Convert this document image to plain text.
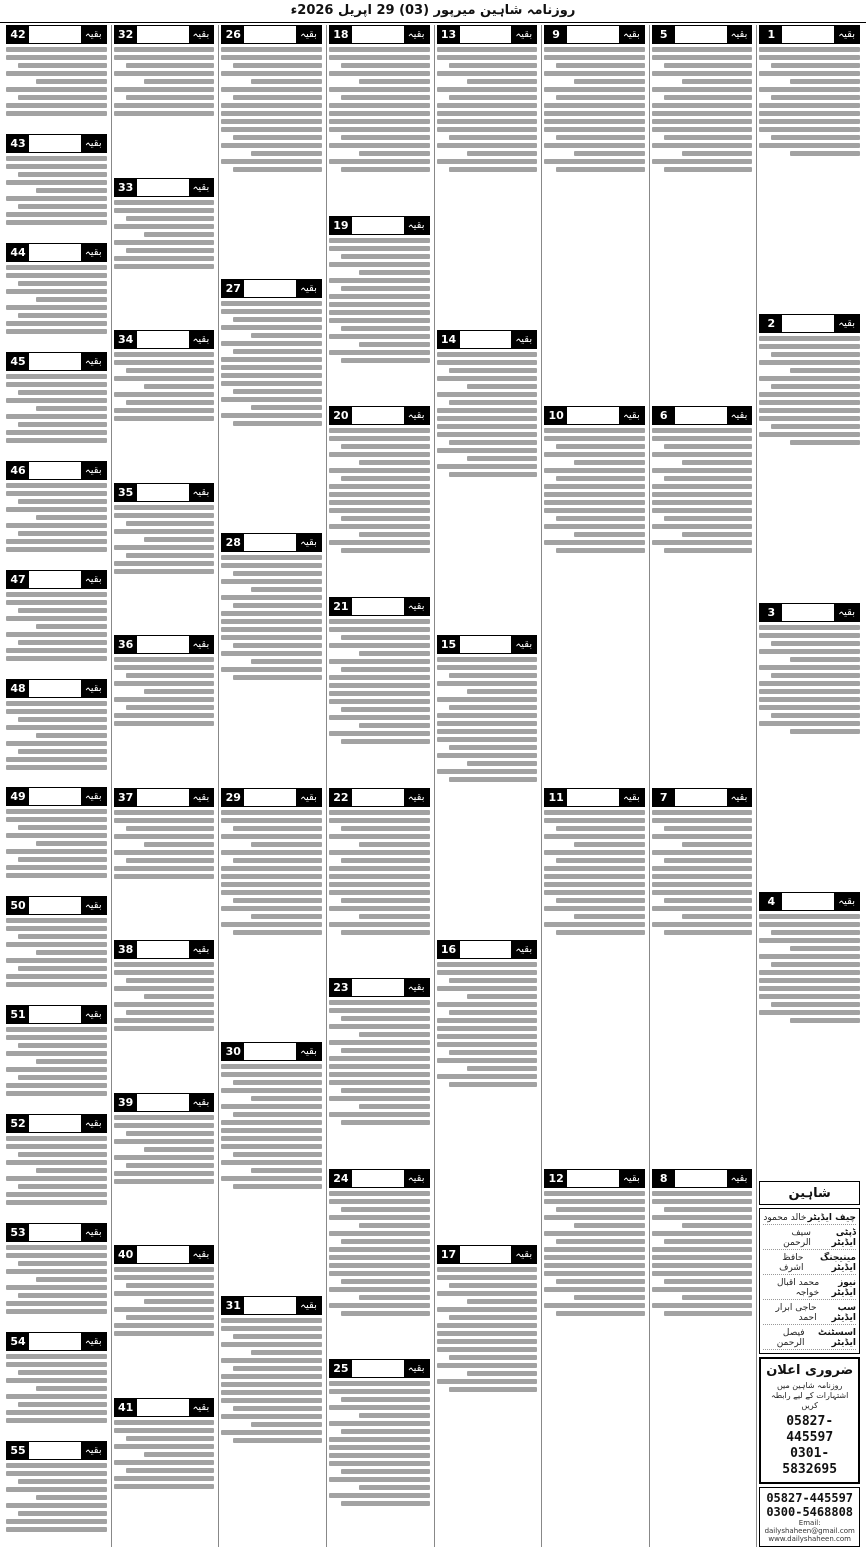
روزنامہ شاہین میرپور (03) 29 اپریل 2026ء
بقیہ
1
بقیہ
2
بقیہ
3
بقیہ
4
شاہین
چیف ایڈیٹر
خالد محمود
ڈپٹی ایڈیٹر
سیف الرحمن
مینیجنگ ایڈیٹر
حافظ اشرف
نیوز ایڈیٹر
محمد اقبال خواجہ
سب ایڈیٹر
حاجی ابرار احمد
اسسٹنٹ ایڈیٹر
فیصل الرحمن
ضروری اعلان
روزنامہ شاہین میں اشتہارات کے لیے رابطہ کریں
05827-445597
0301-5832695
05827-445597
0300-5468808
Email: dailyshaheen@gmail.com
www.dailyshaheen.com
بقیہ
5
بقیہ
6
بقیہ
7
بقیہ
8
بقیہ
9
بقیہ
10
بقیہ
11
بقیہ
12
بقیہ
13
بقیہ
14
بقیہ
15
بقیہ
16
بقیہ
17
بقیہ
18
بقیہ
19
بقیہ
20
بقیہ
21
بقیہ
22
بقیہ
23
بقیہ
24
بقیہ
25
بقیہ
26
بقیہ
27
بقیہ
28
بقیہ
29
بقیہ
30
بقیہ
31
بقیہ
32
بقیہ
33
بقیہ
34
بقیہ
35
بقیہ
36
بقیہ
37
بقیہ
38
بقیہ
39
بقیہ
40
بقیہ
41
بقیہ
42
بقیہ
43
بقیہ
44
بقیہ
45
بقیہ
46
بقیہ
47
بقیہ
48
بقیہ
49
بقیہ
50
بقیہ
51
بقیہ
52
بقیہ
53
بقیہ
54
بقیہ
55
